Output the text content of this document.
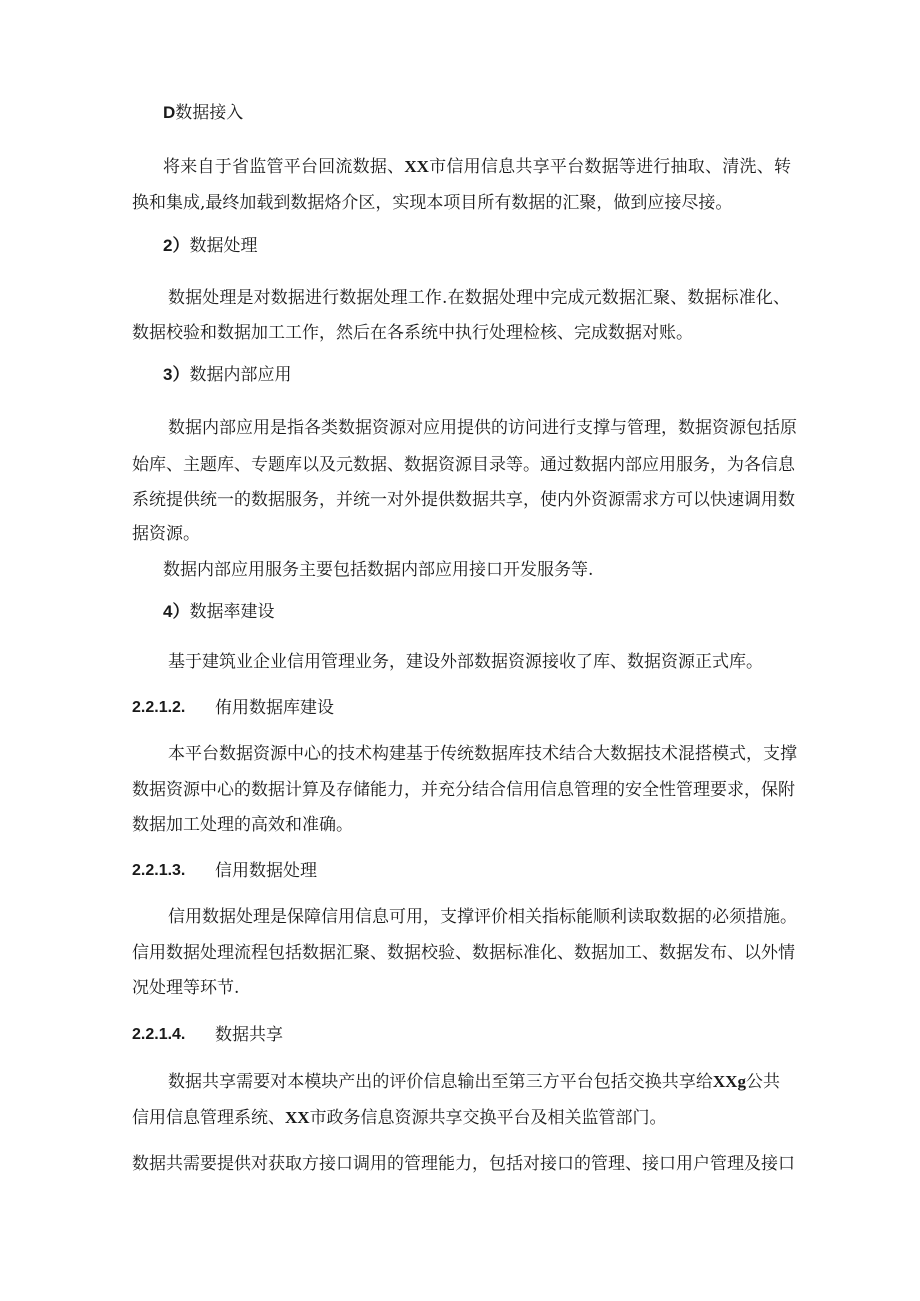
D数据接入
将来自于省监管平台回流数据、XX市信用信息共享平台数据等进行抽取、清洗、转
换和集成,最终加载到数据烙介区，实现本项目所有数据的汇聚，做到应接尽接。
2）数据处理
数据处理是对数据进行数据处理工作.在数据处理中完成元数据汇聚、数据标准化、
数据校验和数据加工工作，然后在各系统中执行处理检核、完成数据对账。
3）数据内部应用
数据内部应用是指各类数据资源对应用提供的访问进行支撑与管理，数据资源包括原
始库、主题库、专题库以及元数据、数据资源目录等。通过数据内部应用服务，为各信息
系统提供统一的数据服务，并统一对外提供数据共享，使内外资源需求方可以快速调用数
据资源。
数据内部应用服务主要包括数据内部应用接口开发服务等.
4）数据率建设
基于建筑业企业信用管理业务，建设外部数据资源接收了库、数据资源正式库。
2.2.1.2. 侑用数据库建设
本平台数据资源中心的技术构建基于传统数据库技术结合大数据技术混搭模式，支撑
数据资源中心的数据计算及存储能力，并充分结合信用信息管理的安全性管理要求，保附
数据加工处理的高效和准确。
2.2.1.3. 信用数据处理
信用数据处理是保障信用信息可用，支撑评价相关指标能顺利读取数据的必须措施。
信用数据处理流程包括数据汇聚、数据校验、数据标准化、数据加工、数据发布、以外情
况处理等环节.
2.2.1.4. 数据共享
数据共享需要对本模块产出的评价信息输出至第三方平台包括交换共享给XXg公共
信用信息管理系统、XX市政务信息资源共享交换平台及相关监管部门。
数据共需要提供对获取方接口调用的管理能力，包括对接口的管理、接口用户管理及接口
